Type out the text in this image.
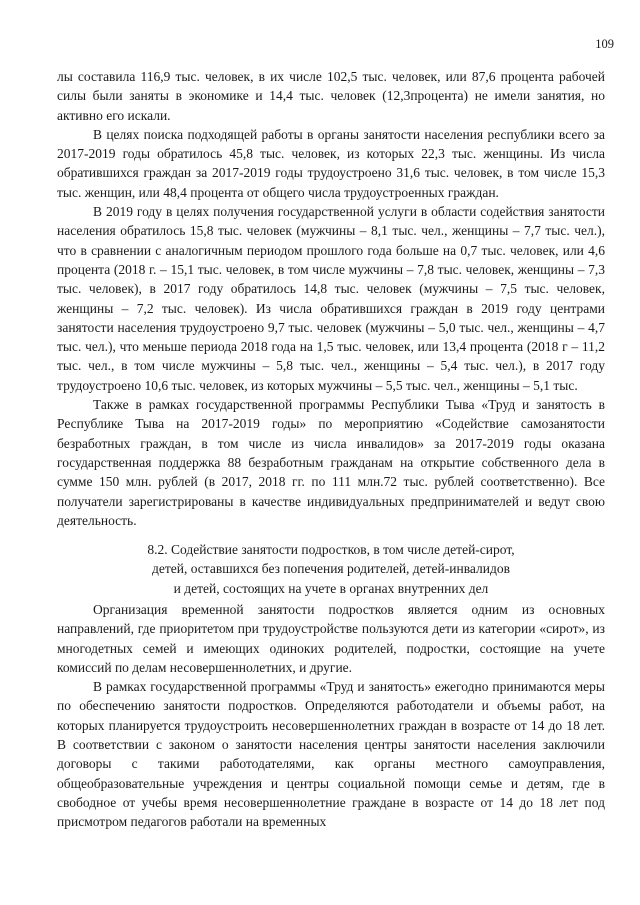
109

лы составила 116,9 тыс. человек, в их числе 102,5 тыс. человек, или 87,6 процента рабочей силы были заняты в экономике и 14,4 тыс. человек (12,3процента) не имели занятия, но активно его искали.

В целях поиска подходящей работы в органы занятости населения республики всего за 2017-2019 годы обратилось 45,8 тыс. человек, из которых 22,3 тыс. женщины. Из числа обратившихся граждан за 2017-2019 годы трудоустроено 31,6 тыс. человек, в том числе 15,3 тыс. женщин, или 48,4 процента от общего числа трудоустроенных граждан.

В 2019 году в целях получения государственной услуги в области содействия занятости населения обратилось 15,8 тыс. человек (мужчины – 8,1 тыс. чел., женщины – 7,7 тыс. чел.), что в сравнении с аналогичным периодом прошлого года больше на 0,7 тыс. человек, или 4,6 процента (2018 г. – 15,1 тыс. человек, в том числе мужчины – 7,8 тыс. человек, женщины – 7,3 тыс. человек), в 2017 году обратилось 14,8 тыс. человек (мужчины – 7,5 тыс. человек, женщины – 7,2 тыс. человек). Из числа обратившихся граждан в 2019 году центрами занятости населения трудоустроено 9,7 тыс. человек (мужчины – 5,0 тыс. чел., женщины – 4,7 тыс. чел.), что меньше периода 2018 года на 1,5 тыс. человек, или 13,4 процента (2018 г – 11,2 тыс. чел., в том числе мужчины – 5,8 тыс. чел., женщины – 5,4 тыс. чел.), в 2017 году трудоустроено 10,6 тыс. человек, из которых мужчины – 5,5 тыс. чел., женщины – 5,1 тыс.

Также в рамках государственной программы Республики Тыва «Труд и занятость в Республике Тыва на 2017-2019 годы» по мероприятию «Содействие самозанятости безработных граждан, в том числе из числа инвалидов» за 2017-2019 годы оказана государственная поддержка 88 безработным гражданам на открытие собственного дела в сумме 150 млн. рублей (в 2017, 2018 гг. по 111 млн.72 тыс. рублей соответственно). Все получатели зарегистрированы в качестве индивидуальных предпринимателей и ведут свою деятельность.

8.2. Содействие занятости подростков, в том числе детей-сирот,
детей, оставшихся без попечения родителей, детей-инвалидов
и детей, состоящих на учете в органах внутренних дел

Организация временной занятости подростков является одним из основных направлений, где приоритетом при трудоустройстве пользуются дети из категории «сирот», из многодетных семей и имеющих одиноких родителей, подростки, состоящие на учете комиссий по делам несовершеннолетних, и другие.

В рамках государственной программы «Труд и занятость» ежегодно принимаются меры по обеспечению занятости подростков. Определяются работодатели и объемы работ, на которых планируется трудоустроить несовершеннолетних граждан в возрасте от 14 до 18 лет. В соответствии с законом о занятости населения центры занятости населения заключили договоры с такими работодателями, как органы местного самоуправления, общеобразовательные учреждения и центры социальной помощи семье и детям, где в свободное от учебы время несовершеннолетние граждане в возрасте от 14 до 18 лет под присмотром педагогов работали на временных
